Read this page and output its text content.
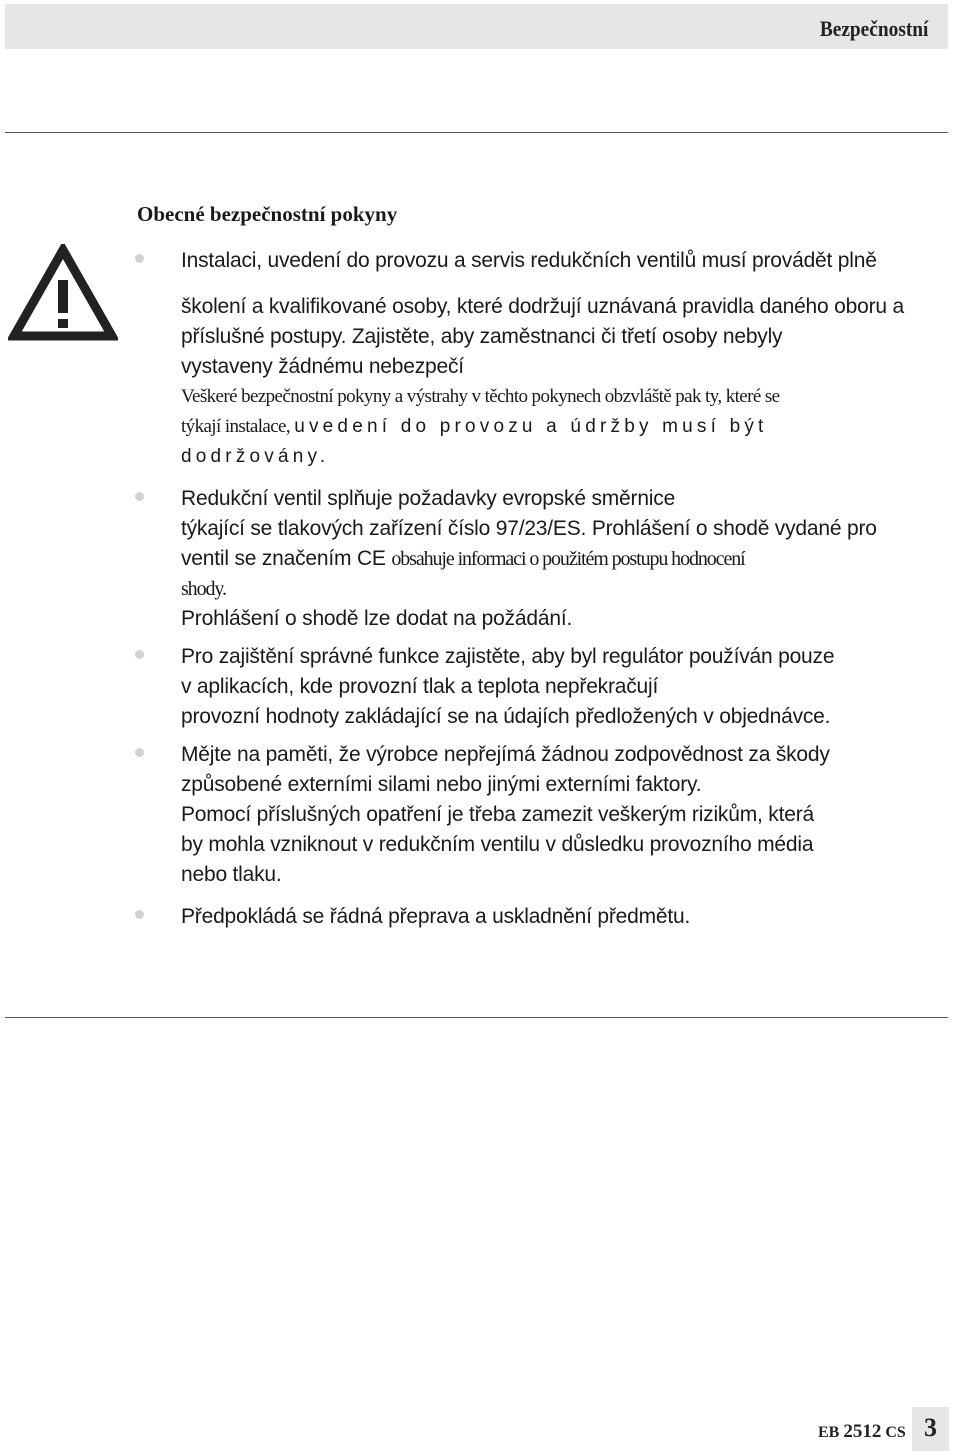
Bezpečnostní
Obecné bezpečnostní pokyny
Instalaci, uvedení do provozu a servis redukčních ventilů musí provádět plně
školení a kvalifikované osoby, které dodržují uznávaná pravidla daného oboru a
příslušné postupy. Zajistěte, aby zaměstnanci či třetí osoby nebyly
vystaveny žádnému nebezpečí
Veškeré bezpečnostní pokyny a výstrahy v těchto pokynech obzvláště pak ty, které se
týkají instalace, uvedení do provozu a údržby musí být
dodržovány.
Redukční ventil splňuje požadavky evropské směrnice
týkající se tlakových zařízení číslo 97/23/ES. Prohlášení o shodě vydané pro
ventil se značením CE obsahuje informaci o použitém postupu hodnocení
shody.
Prohlášení o shodě lze dodat na požádání.
Pro zajištění správné funkce zajistěte, aby byl regulátor používán pouze
v aplikacích, kde provozní tlak a teplota nepřekračují
provozní hodnoty zakládající se na údajích předložených v objednávce.
Mějte na paměti, že výrobce nepřejímá žádnou zodpovědnost za škody
způsobené externími silami nebo jinými externími faktory.
Pomocí příslušných opatření je třeba zamezit veškerým rizikům, která
by mohla vzniknout v redukčním ventilu v důsledku provozního média
nebo tlaku.
Předpokládá se řádná přeprava a uskladnění předmětu.
EB 2512 CS 3
